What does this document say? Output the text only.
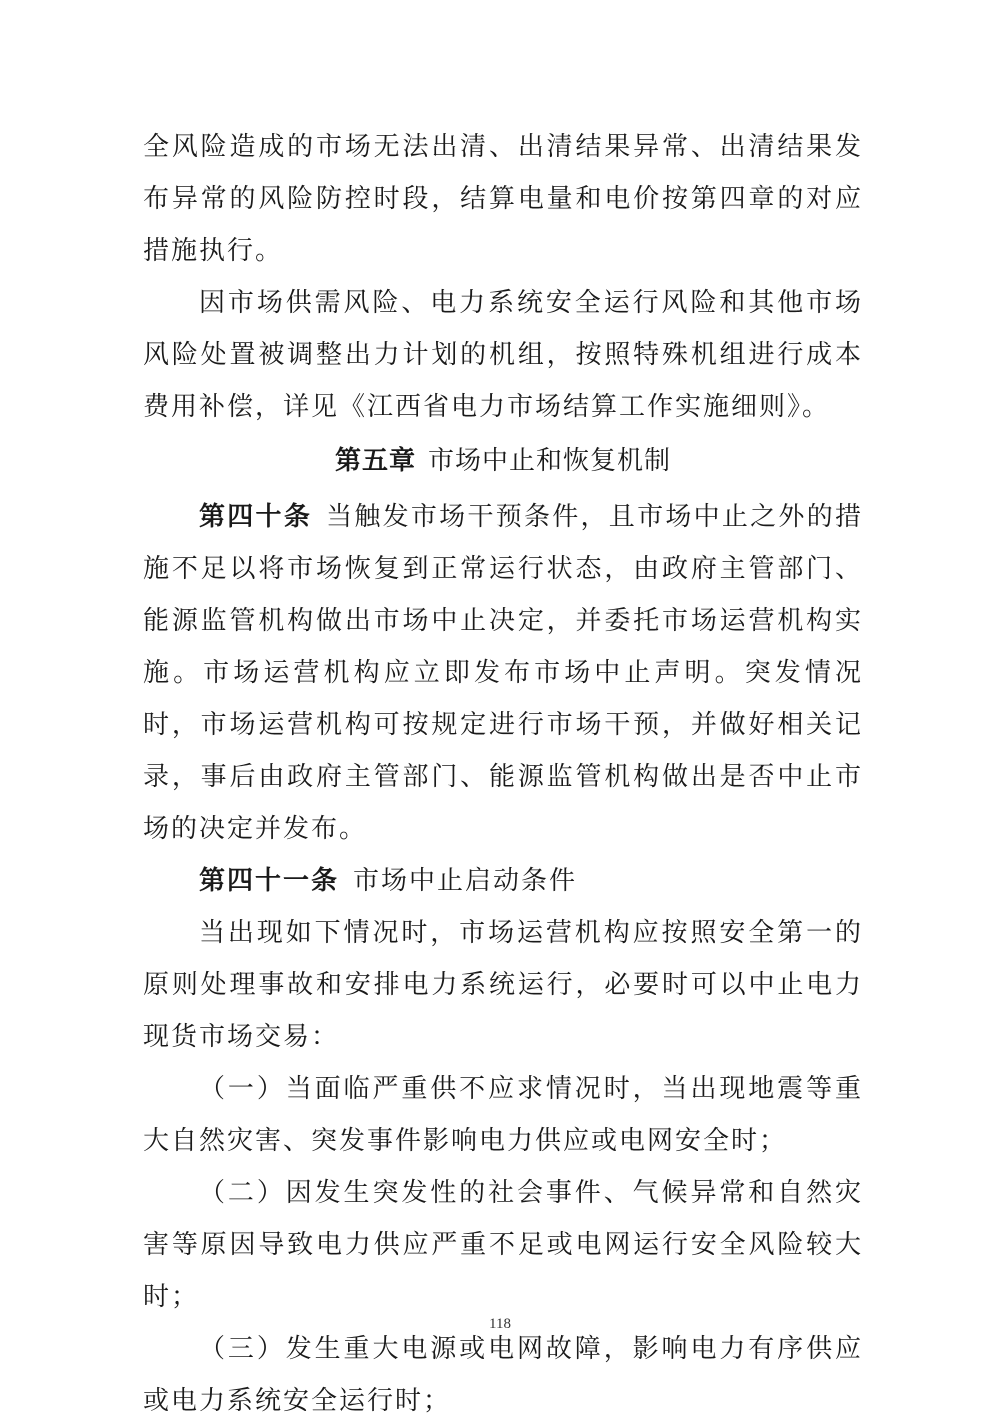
全风险造成的市场无法出清、出清结果异常、出清结果发布异常的风险防控时段，结算电量和电价按第四章的对应措施执行。

因市场供需风险、电力系统安全运行风险和其他市场风险处置被调整出力计划的机组，按照特殊机组进行成本费用补偿，详见《江西省电力市场结算工作实施细则》。

第五章 市场中止和恢复机制

第四十条 当触发市场干预条件，且市场中止之外的措施不足以将市场恢复到正常运行状态，由政府主管部门、能源监管机构做出市场中止决定，并委托市场运营机构实施。市场运营机构应立即发布市场中止声明。突发情况时，市场运营机构可按规定进行市场干预，并做好相关记录，事后由政府主管部门、能源监管机构做出是否中止市场的决定并发布。

第四十一条 市场中止启动条件

当出现如下情况时，市场运营机构应按照安全第一的原则处理事故和安排电力系统运行，必要时可以中止电力现货市场交易：

（一）当面临严重供不应求情况时，当出现地震等重大自然灾害、突发事件影响电力供应或电网安全时；

（二）因发生突发性的社会事件、气候异常和自然灾害等原因导致电力供应严重不足或电网运行安全风险较大时；

（三）发生重大电源或电网故障，影响电力有序供应或电力系统安全运行时；

118
